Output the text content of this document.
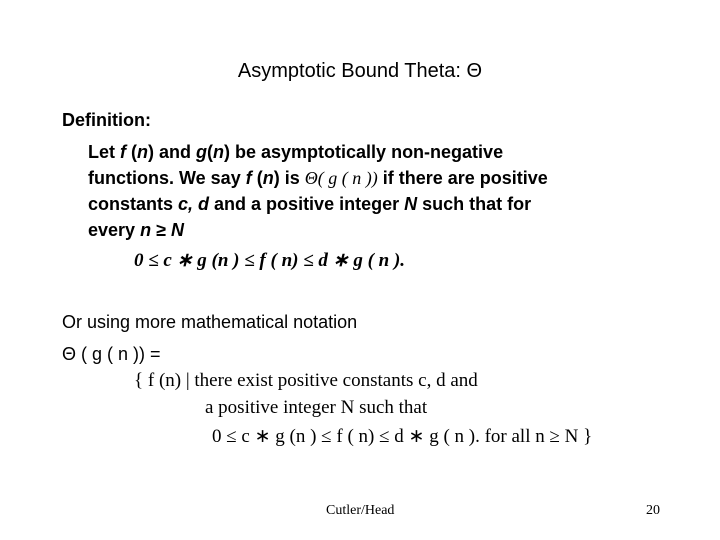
Asymptotic Bound Theta: Θ
Definition:
Let f (n) and g(n) be asymptotically non-negative
functions. We say f (n) is Θ( g ( n )) if there are positive
constants c, d and a positive integer N such that for
every n ≥ N
0 ≤ c ∗ g (n ) ≤ f ( n) ≤ d ∗ g ( n ).
Or using more mathematical notation
Θ ( g ( n )) =
{ f (n) | there exist positive constants c, d and
a positive integer N such that
0 ≤ c ∗ g (n ) ≤ f ( n) ≤ d ∗ g ( n ). for all n ≥ N }
Cutler/Head	20
